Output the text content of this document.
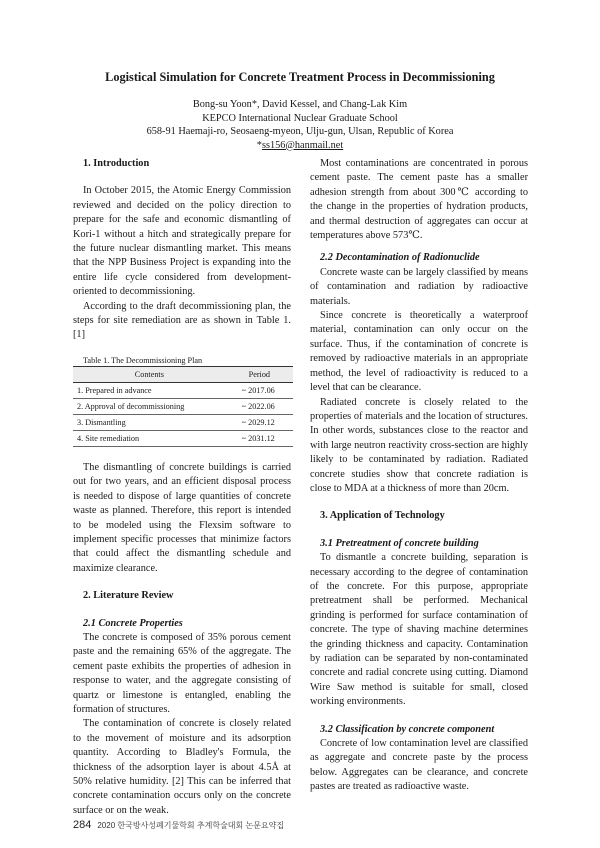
Logistical Simulation for Concrete Treatment Process in Decommissioning
Bong-su Yoon*, David Kessel, and Chang-Lak Kim
KEPCO International Nuclear Graduate School
658-91 Haemaji-ro, Seosaeng-myeon, Ulju-gun, Ulsan, Republic of Korea
*ss156@hanmail.net

1. Introduction

In October 2015, the Atomic Energy Commission reviewed and decided on the policy direction to prepare for the safe and economic dismantling of Kori-1 without a hitch and strategically prepare for the future nuclear dismantling market. This means that the NPP Business Project is expanding into the entire life cycle considered from development-oriented to decommissioning.

According to the draft decommissioning plan, the steps for site remediation are as shown in Table 1. [1]

Table 1. The Decommissioning Plan

Contents	Period
1. Prepared in advance	~ 2017.06
2. Approval of decommissioning	~ 2022.06
3. Dismantling	~ 2029.12
4. Site remediation	~ 2031.12

The dismantling of concrete buildings is carried out for two years, and an efficient disposal process is needed to dispose of large quantities of concrete waste as planned. Therefore, this report is intended to be modeled using the Flexsim software to implement specific processes that minimize factors that could affect the dismantling schedule and maximize clearance.

2. Literature Review

2.1 Concrete Properties

The concrete is composed of 35% porous cement paste and the remaining 65% of the aggregate. The cement paste exhibits the properties of adhesion in response to water, and the aggregate consisting of quartz or limestone is entangled, enabling the formation of structures.

The contamination of concrete is closely related to the movement of moisture and its adsorption quantity. According to Bladley's Formula, the thickness of the adsorption layer is about 4.5Å at 50% relative humidity. [2] This can be inferred that concrete contamination occurs only on the concrete surface or on the weak.

Most contaminations are concentrated in porous cement paste. The cement paste has a smaller adhesion strength from about 300℃ according to the change in the properties of hydration products, and thermal destruction of aggregates can occur at temperatures above 573℃.

2.2 Decontamination of Radionuclide

Concrete waste can be largely classified by means of contamination and radiation by radioactive materials.

Since concrete is theoretically a waterproof material, contamination can only occur on the surface. Thus, if the contamination of concrete is removed by radioactive materials in an appropriate method, the level of radioactivity is reduced to a level that can be clearance.

Radiated concrete is closely related to the properties of materials and the location of structures. In other words, substances close to the reactor and with large neutron reactivity cross-section are highly likely to be contaminated by radiation. Radiated concrete studies show that concrete radiation is close to MDA at a thickness of more than 20cm.

3. Application of Technology

3.1 Pretreatment of concrete building

To dismantle a concrete building, separation is necessary according to the degree of contamination of the concrete. For this purpose, appropriate pretreatment shall be performed. Mechanical grinding is performed for surface contamination of concrete. The type of shaving machine determines the grinding thickness and capacity. Contamination by radiation can be separated by non-contaminated concrete and radial concrete using cutting. Diamond Wire Saw method is suitable for small, closed working environments.

3.2 Classification by concrete component

Concrete of low contamination level are classified as aggregate and concrete paste by the process below. Aggregates can be clearance, and concrete pastes are treated as radioactive waste.

284 2020 한국방사성폐기물학회 추계학술대회 논문요약집
